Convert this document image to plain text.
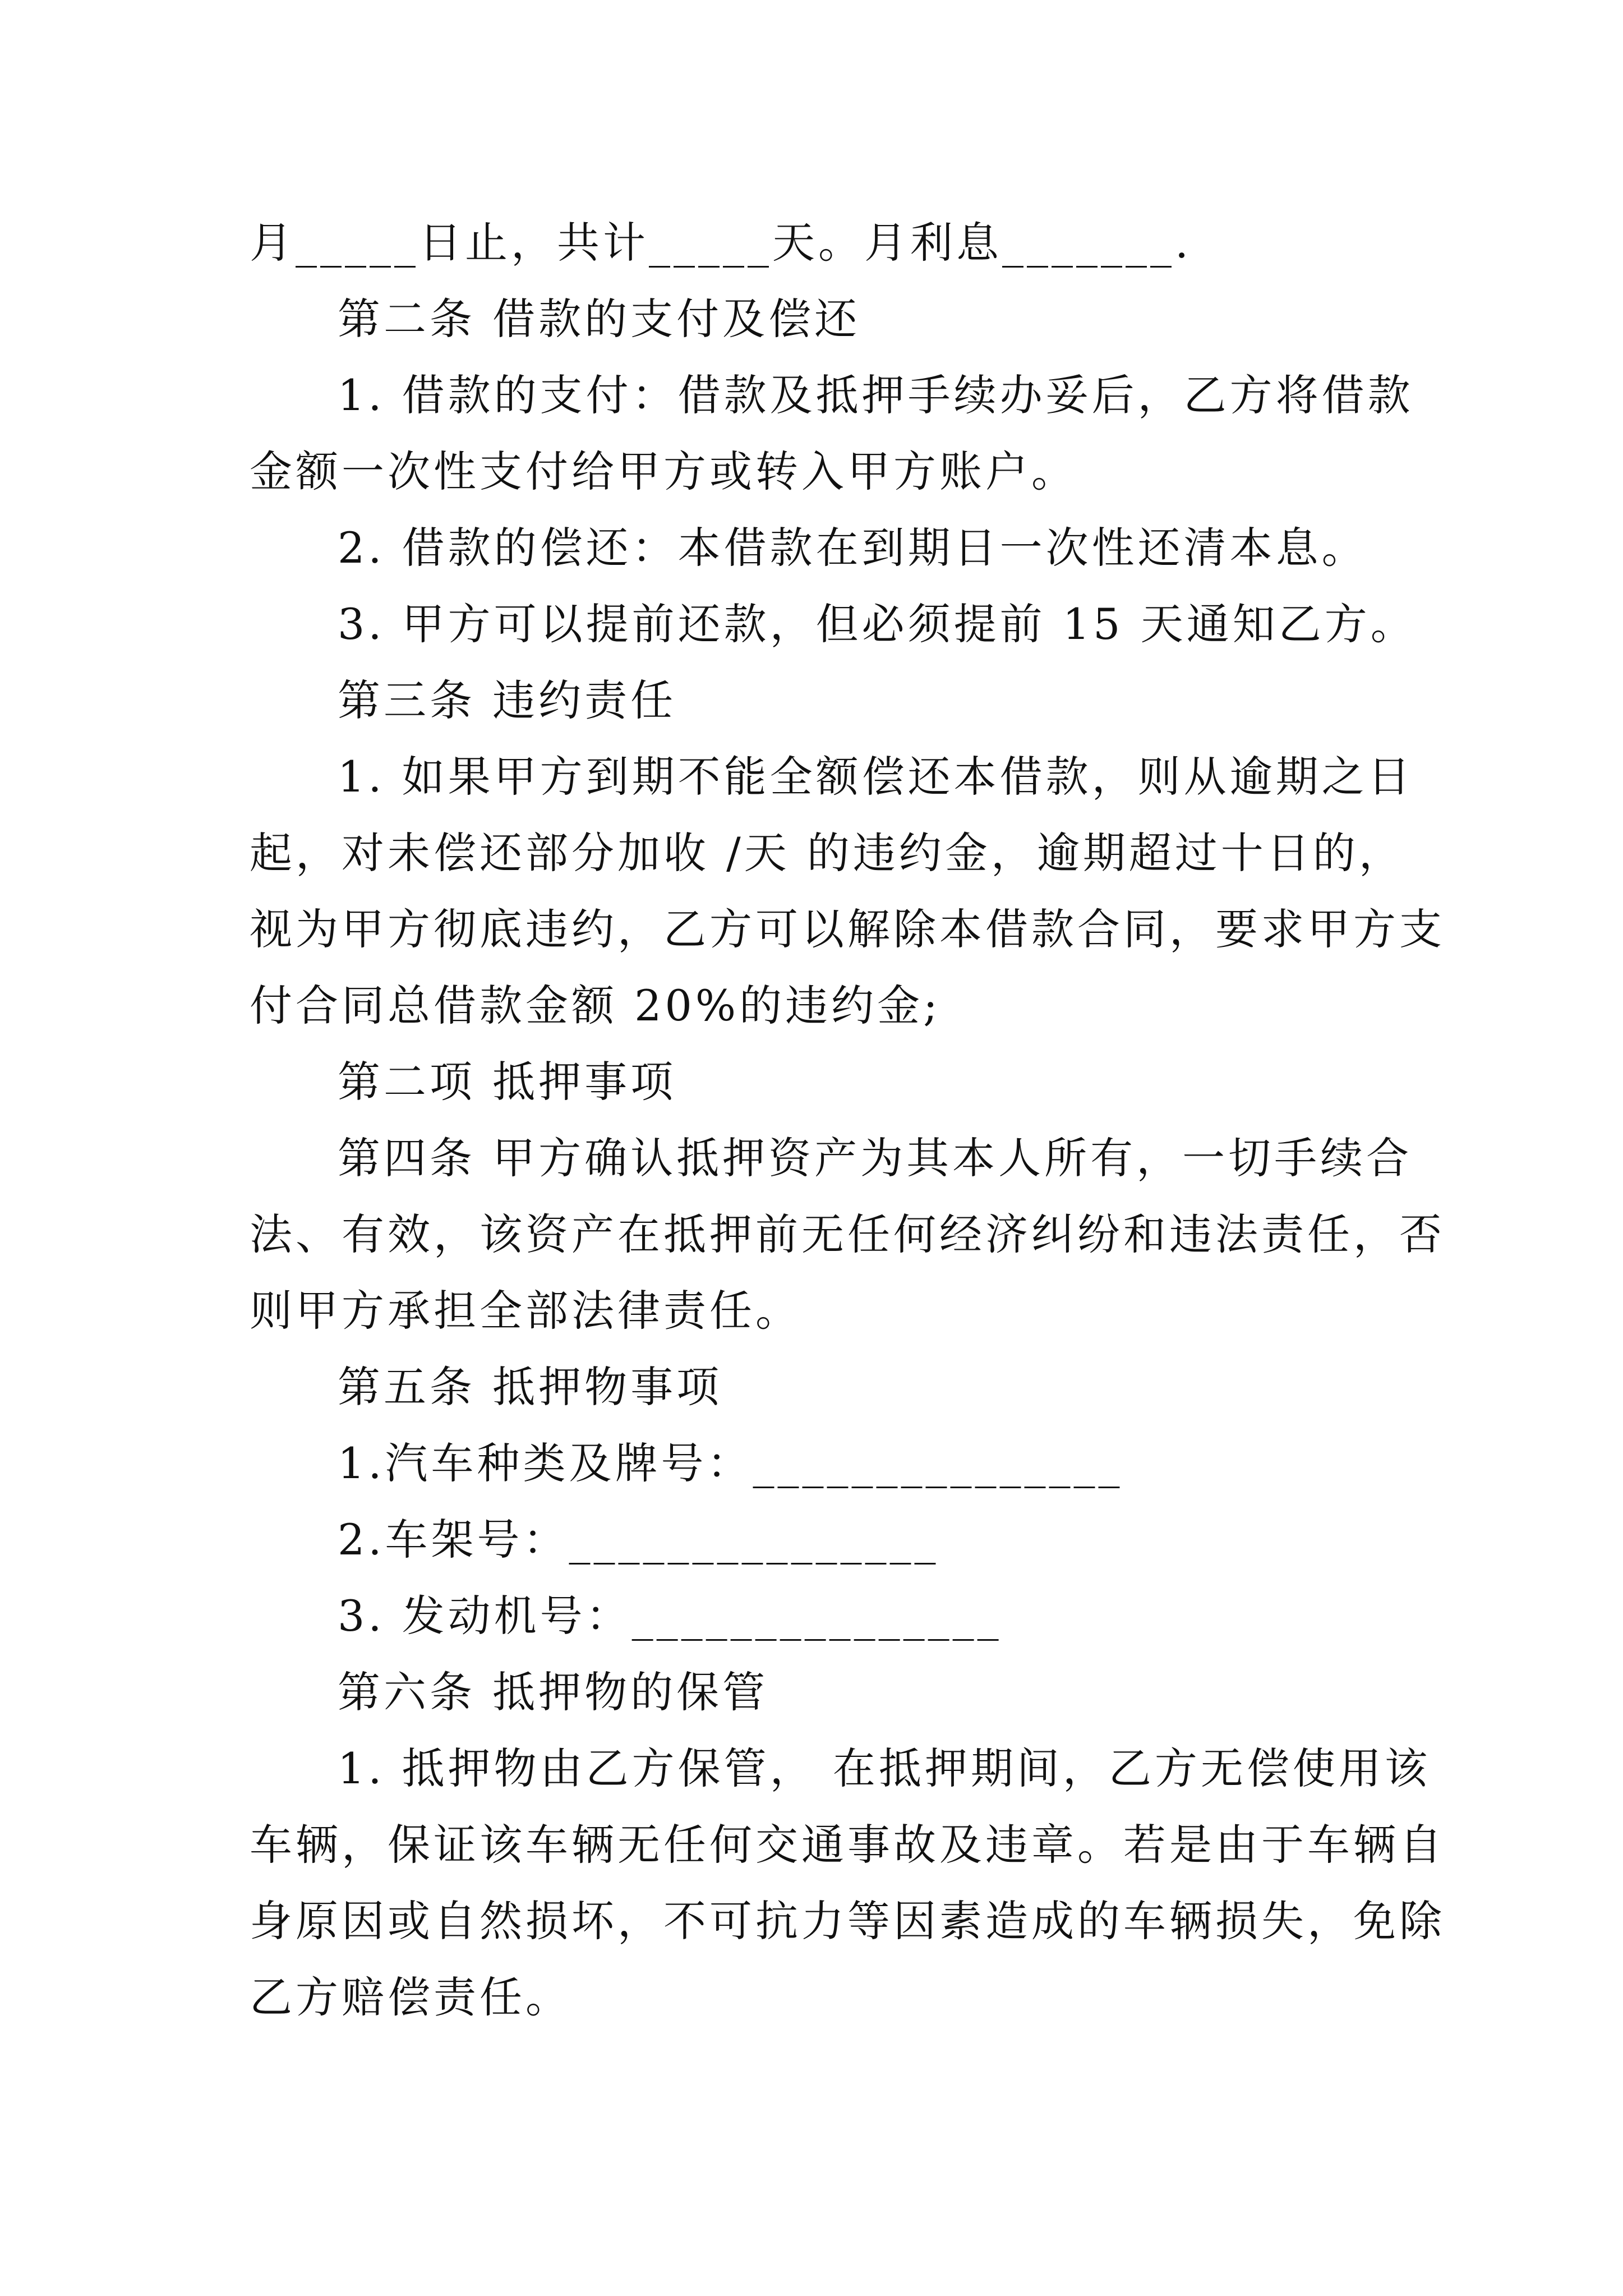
月_____日止，共计_____天。月利息_______.
第二条 借款的支付及偿还
1. 借款的支付：借款及抵押手续办妥后，乙方将借款
金额一次性支付给甲方或转入甲方账户。
2. 借款的偿还：本借款在到期日一次性还清本息。
3. 甲方可以提前还款，但必须提前 15 天通知乙方。
第三条 违约责任
1. 如果甲方到期不能全额偿还本借款，则从逾期之日
起，对未偿还部分加收 /天 的违约金，逾期超过十日的，
视为甲方彻底违约，乙方可以解除本借款合同，要求甲方支
付合同总借款金额 20%的违约金;
第二项 抵押事项
第四条 甲方确认抵押资产为其本人所有，一切手续合
法、有效，该资产在抵押前无任何经济纠纷和违法责任，否
则甲方承担全部法律责任。
第五条 抵押物事项
1.汽车种类及牌号：_______________
2.车架号：_______________
3. 发动机号：_______________
第六条 抵押物的保管
1. 抵押物由乙方保管， 在抵押期间，乙方无偿使用该
车辆，保证该车辆无任何交通事故及违章。若是由于车辆自
身原因或自然损坏，不可抗力等因素造成的车辆损失，免除
乙方赔偿责任。
